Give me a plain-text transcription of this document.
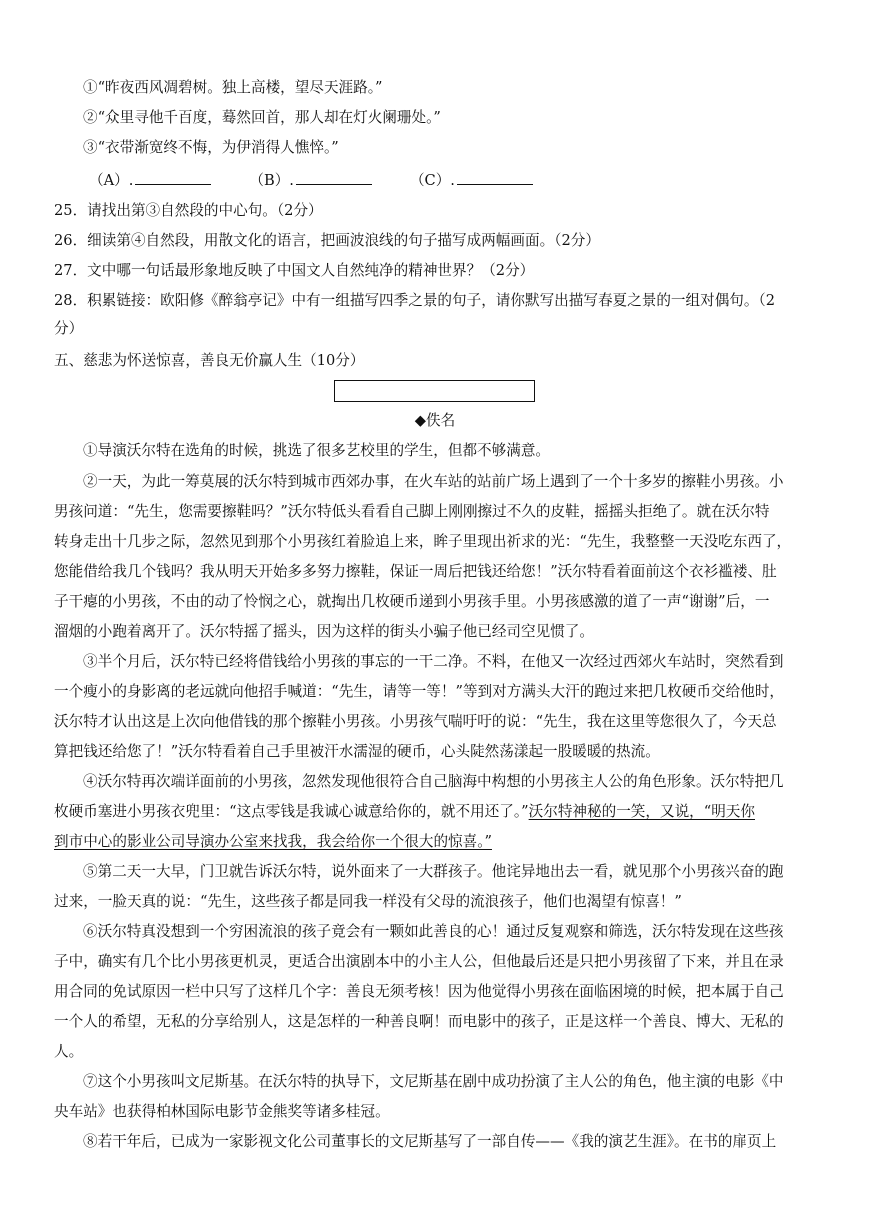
①“昨夜西风凋碧树。独上高楼，望尽天涯路。”
②“众里寻他千百度，蓦然回首，那人却在灯火阑珊处。”
③“衣带渐宽终不悔，为伊消得人憔悴。”
（A）.	（B）.	（C）.
25．请找出第③自然段的中心句。（2分）
26．细读第④自然段，用散文化的语言，把画波浪线的句子描写成两幅画面。（2分）
27．文中哪一句话最形象地反映了中国文人自然纯净的精神世界？（2分）
28．积累链接：欧阳修《醉翁亭记》中有一组描写四季之景的句子，请你默写出描写春夏之景的一组对偶句。（2
分）
五、慈悲为怀送惊喜，善良无价赢人生（10分）
◆佚名
①导演沃尔特在选角的时候，挑选了很多艺校里的学生，但都不够满意。
②一天，为此一筹莫展的沃尔特到城市西郊办事，在火车站的站前广场上遇到了一个十多岁的擦鞋小男孩。小
男孩问道：“先生，您需要擦鞋吗？”沃尔特低头看看自己脚上刚刚擦过不久的皮鞋，摇摇头拒绝了。就在沃尔特
转身走出十几步之际，忽然见到那个小男孩红着脸追上来，眸子里现出祈求的光：“先生，我整整一天没吃东西了，
您能借给我几个钱吗？我从明天开始多多努力擦鞋，保证一周后把钱还给您！”沃尔特看着面前这个衣衫褴褛、肚
子干瘪的小男孩，不由的动了怜悯之心，就掏出几枚硬币递到小男孩手里。小男孩感激的道了一声“谢谢”后，一
溜烟的小跑着离开了。沃尔特摇了摇头，因为这样的街头小骗子他已经司空见惯了。
③半个月后，沃尔特已经将借钱给小男孩的事忘的一干二净。不料，在他又一次经过西郊火车站时，突然看到
一个瘦小的身影离的老远就向他招手喊道：“先生，请等一等！”等到对方满头大汗的跑过来把几枚硬币交给他时，
沃尔特才认出这是上次向他借钱的那个擦鞋小男孩。小男孩气喘吁吁的说：“先生，我在这里等您很久了，今天总
算把钱还给您了！”沃尔特看着自己手里被汗水濡湿的硬币，心头陡然荡漾起一股暖暖的热流。
④沃尔特再次端详面前的小男孩，忽然发现他很符合自己脑海中构想的小男孩主人公的角色形象。沃尔特把几
枚硬币塞进小男孩衣兜里：“这点零钱是我诚心诚意给你的，就不用还了。”沃尔特神秘的一笑，又说，“明天你
到市中心的影业公司导演办公室来找我，我会给你一个很大的惊喜。”
⑤第二天一大早，门卫就告诉沃尔特，说外面来了一大群孩子。他诧异地出去一看，就见那个小男孩兴奋的跑
过来，一脸天真的说：“先生，这些孩子都是同我一样没有父母的流浪孩子，他们也渴望有惊喜！”
⑥沃尔特真没想到一个穷困流浪的孩子竟会有一颗如此善良的心！通过反复观察和筛选，沃尔特发现在这些孩
子中，确实有几个比小男孩更机灵，更适合出演剧本中的小主人公，但他最后还是只把小男孩留了下来，并且在录
用合同的免试原因一栏中只写了这样几个字：善良无须考核！因为他觉得小男孩在面临困境的时候，把本属于自己
一个人的希望，无私的分享给别人，这是怎样的一种善良啊！而电影中的孩子，正是这样一个善良、博大、无私的
人。
⑦这个小男孩叫文尼斯基。在沃尔特的执导下，文尼斯基在剧中成功扮演了主人公的角色，他主演的电影《中
央车站》也获得柏林国际电影节金熊奖等诸多桂冠。
⑧若干年后，已成为一家影视文化公司董事长的文尼斯基写了一部自传——《我的演艺生涯》。在书的扉页上
